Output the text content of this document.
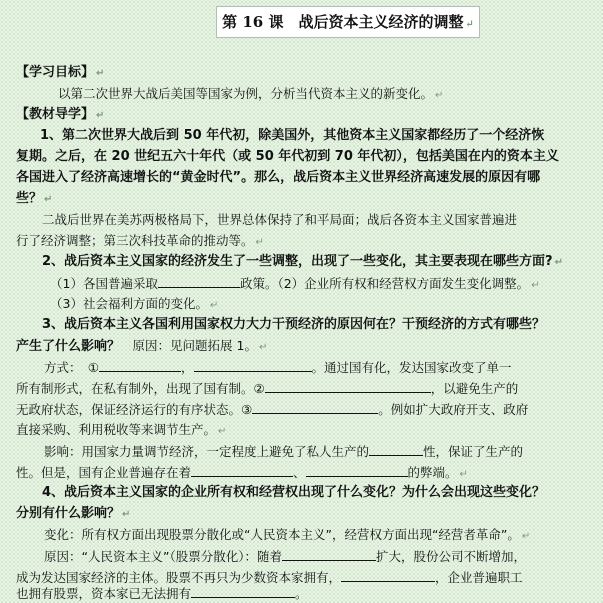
第 16 课　战后资本主义经济的调整 ↵
【学习目标】 ↵
以第二次世界大战后美国等国家为例，分析当代资本主义的新变化。 ↵
【教材导学】 ↵
1、第二次世界大战后到 50 年代初，除美国外，其他资本主义国家都经历了一个经济恢
复期。之后，在 20 世纪五六十年代（或 50 年代初到 70 年代初），包括美国在内的资本主义
各国进入了经济高速增长的“黄金时代”。那么，战后资本主义世界经济高速发展的原因有哪
些？ ↵
二战后世界在美苏两极格局下，世界总体保持了和平局面；战后各资本主义国家普遍进
行了经济调整；第三次科技革命的推动等。 ↵
2、战后资本主义国家的经济发生了一些调整，出现了一些变化，其主要表现在哪些方面? ↵
（1）各国普遍采取	政策。（2）企业所有权和经营权方面发生变化调整。 ↵
（3）社会福利方面的变化。 ↵
3、战后资本主义各国利用国家权力大力干预经济的原因何在？干预经济的方式有哪些？
产生了什么影响？　原因：见问题拓展 1。 ↵
方式：　 ①	，	。通过国有化，发达国家改变了单一
所有制形式，在私有制外，出现了国有制。②	，以避免生产的
无政府状态，保证经济运行的有序状态。③	。例如扩大政府开支、政府
直接采购、利用税收等来调节生产。 ↵
影响：用国家力量调节经济，一定程度上避免了私人生产的	性，保证了生产的
性。但是，国有企业普遍存在着	、	的弊端。 ↵
4、战后资本主义国家的企业所有权和经营权出现了什么变化？为什么会出现这些变化？
分别有什么影响？ ↵
变化：所有权方面出现股票分散化或“人民资本主义”，经营权方面出现“经营者革命”。 ↵
原因：“人民资本主义”（股票分散化）：随着	扩大，股份公司不断增加，
成为发达国家经济的主体。股票不再只为少数资本家拥有，	，企业普遍职工
也拥有股票，资本家已无法拥有	。
